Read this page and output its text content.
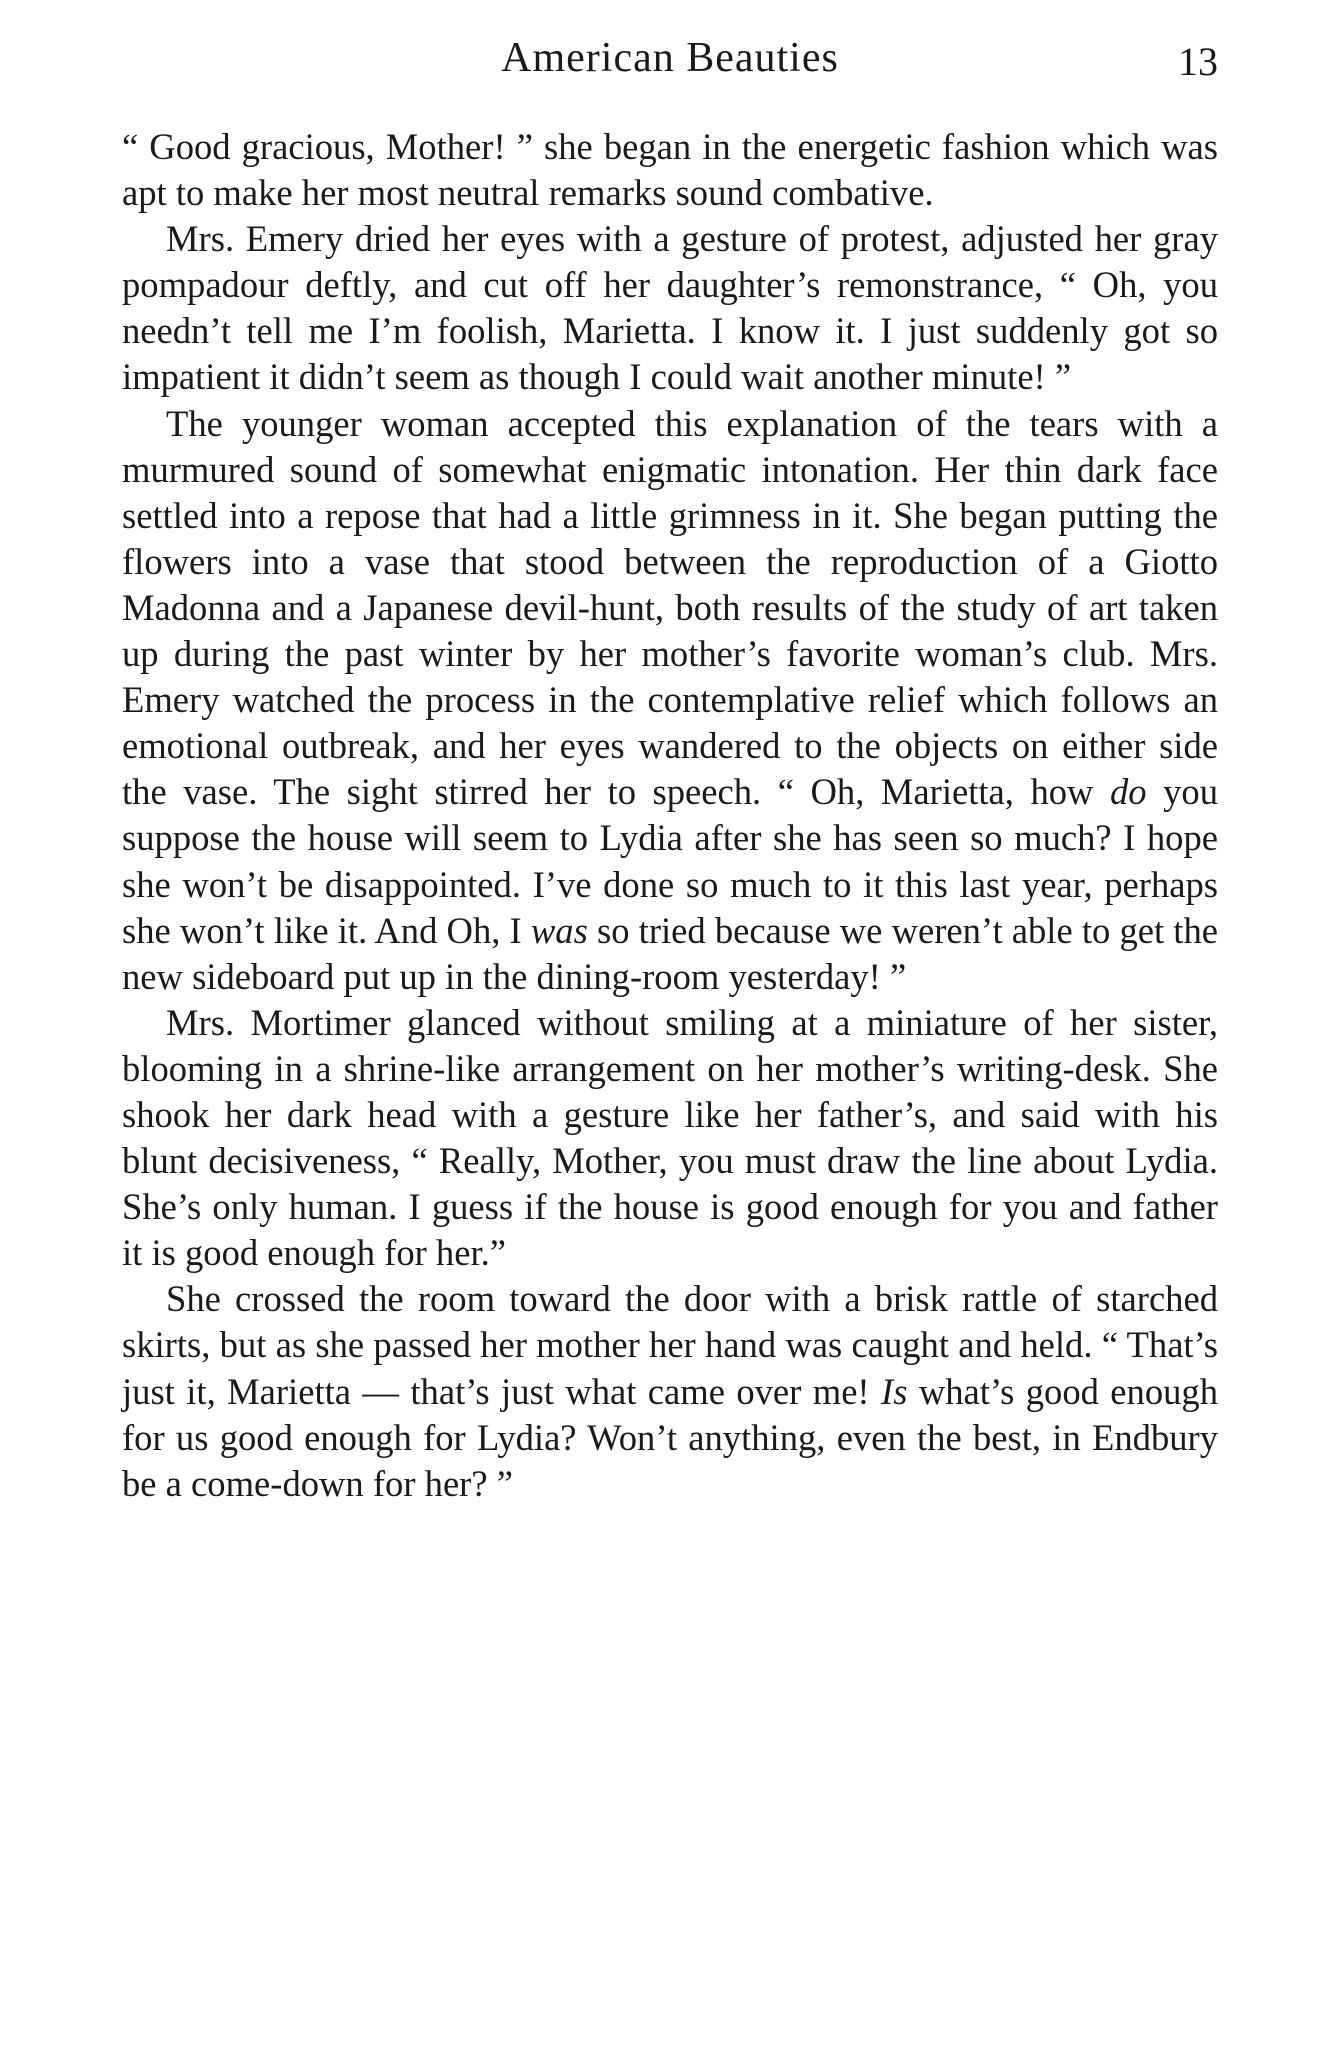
American Beauties	13

“ Good gracious, Mother! ” she began in the energetic fashion which was apt to make her most neutral remarks sound combative.

Mrs. Emery dried her eyes with a gesture of protest, adjusted her gray pompadour deftly, and cut off her daughter’s remonstrance, “ Oh, you needn’t tell me I’m foolish, Marietta. I know it. I just suddenly got so impatient it didn’t seem as though I could wait another minute! ”

The younger woman accepted this explanation of the tears with a murmured sound of somewhat enigmatic intonation. Her thin dark face settled into a repose that had a little grimness in it. She began putting the flowers into a vase that stood between the reproduction of a Giotto Madonna and a Japanese devil-hunt, both results of the study of art taken up during the past winter by her mother’s favorite woman’s club. Mrs. Emery watched the process in the contemplative relief which follows an emotional outbreak, and her eyes wandered to the objects on either side the vase. The sight stirred her to speech. “ Oh, Marietta, how do you suppose the house will seem to Lydia after she has seen so much? I hope she won’t be disappointed. I’ve done so much to it this last year, perhaps she won’t like it. And Oh, I was so tried because we weren’t able to get the new sideboard put up in the dining-room yesterday! ”

Mrs. Mortimer glanced without smiling at a miniature of her sister, blooming in a shrine-like arrangement on her mother’s writing-desk. She shook her dark head with a gesture like her father’s, and said with his blunt decisiveness, “ Really, Mother, you must draw the line about Lydia. She’s only human. I guess if the house is good enough for you and father it is good enough for her.”

She crossed the room toward the door with a brisk rattle of starched skirts, but as she passed her mother her hand was caught and held. “ That’s just it, Marietta — that’s just what came over me! Is what’s good enough for us good enough for Lydia? Won’t anything, even the best, in Endbury be a come-down for her? ”
